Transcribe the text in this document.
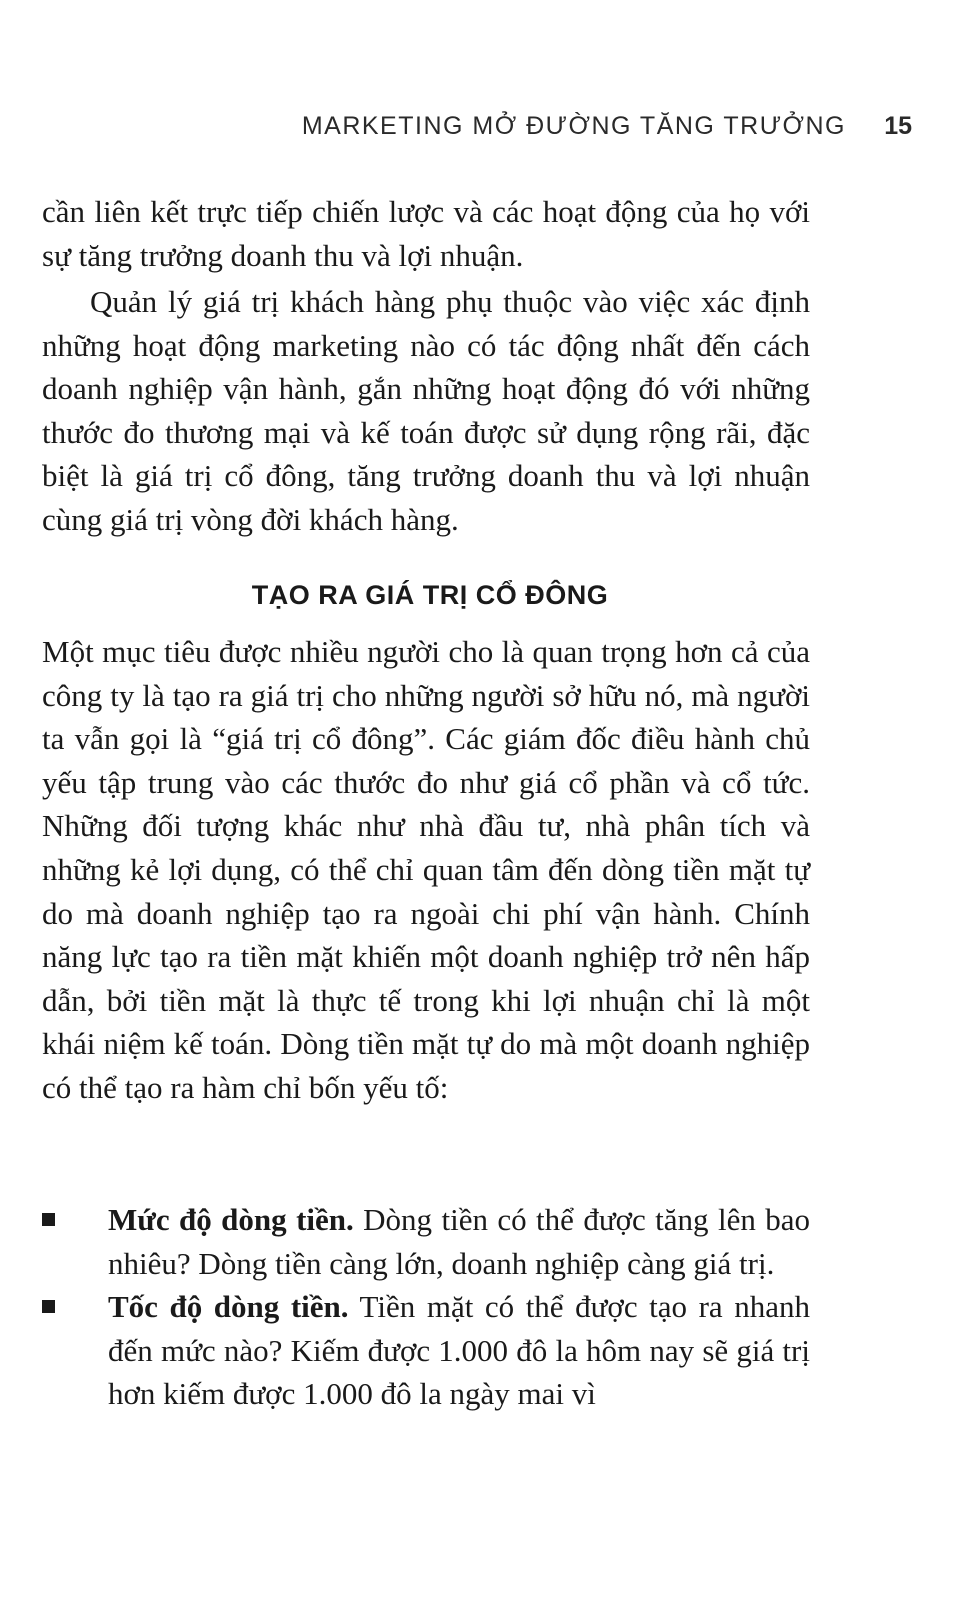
MARKETING MỞ ĐƯỜNG TĂNG TRƯỞNG 15

cần liên kết trực tiếp chiến lược và các hoạt động của họ với sự tăng trưởng doanh thu và lợi nhuận.

Quản lý giá trị khách hàng phụ thuộc vào việc xác định những hoạt động marketing nào có tác động nhất đến cách doanh nghiệp vận hành, gắn những hoạt động đó với những thước đo thương mại và kế toán được sử dụng rộng rãi, đặc biệt là giá trị cổ đông, tăng trưởng doanh thu và lợi nhuận cùng giá trị vòng đời khách hàng.

TẠO RA GIÁ TRỊ CỔ ĐÔNG

Một mục tiêu được nhiều người cho là quan trọng hơn cả của công ty là tạo ra giá trị cho những người sở hữu nó, mà người ta vẫn gọi là “giá trị cổ đông”. Các giám đốc điều hành chủ yếu tập trung vào các thước đo như giá cổ phần và cổ tức. Những đối tượng khác như nhà đầu tư, nhà phân tích và những kẻ lợi dụng, có thể chỉ quan tâm đến dòng tiền mặt tự do mà doanh nghiệp tạo ra ngoài chi phí vận hành. Chính năng lực tạo ra tiền mặt khiến một doanh nghiệp trở nên hấp dẫn, bởi tiền mặt là thực tế trong khi lợi nhuận chỉ là một khái niệm kế toán. Dòng tiền mặt tự do mà một doanh nghiệp có thể tạo ra hàm chỉ bốn yếu tố:

Mức độ dòng tiền. Dòng tiền có thể được tăng lên bao nhiêu? Dòng tiền càng lớn, doanh nghiệp càng giá trị.
Tốc độ dòng tiền. Tiền mặt có thể được tạo ra nhanh đến mức nào? Kiếm được 1.000 đô la hôm nay sẽ giá trị hơn kiếm được 1.000 đô la ngày mai vì
